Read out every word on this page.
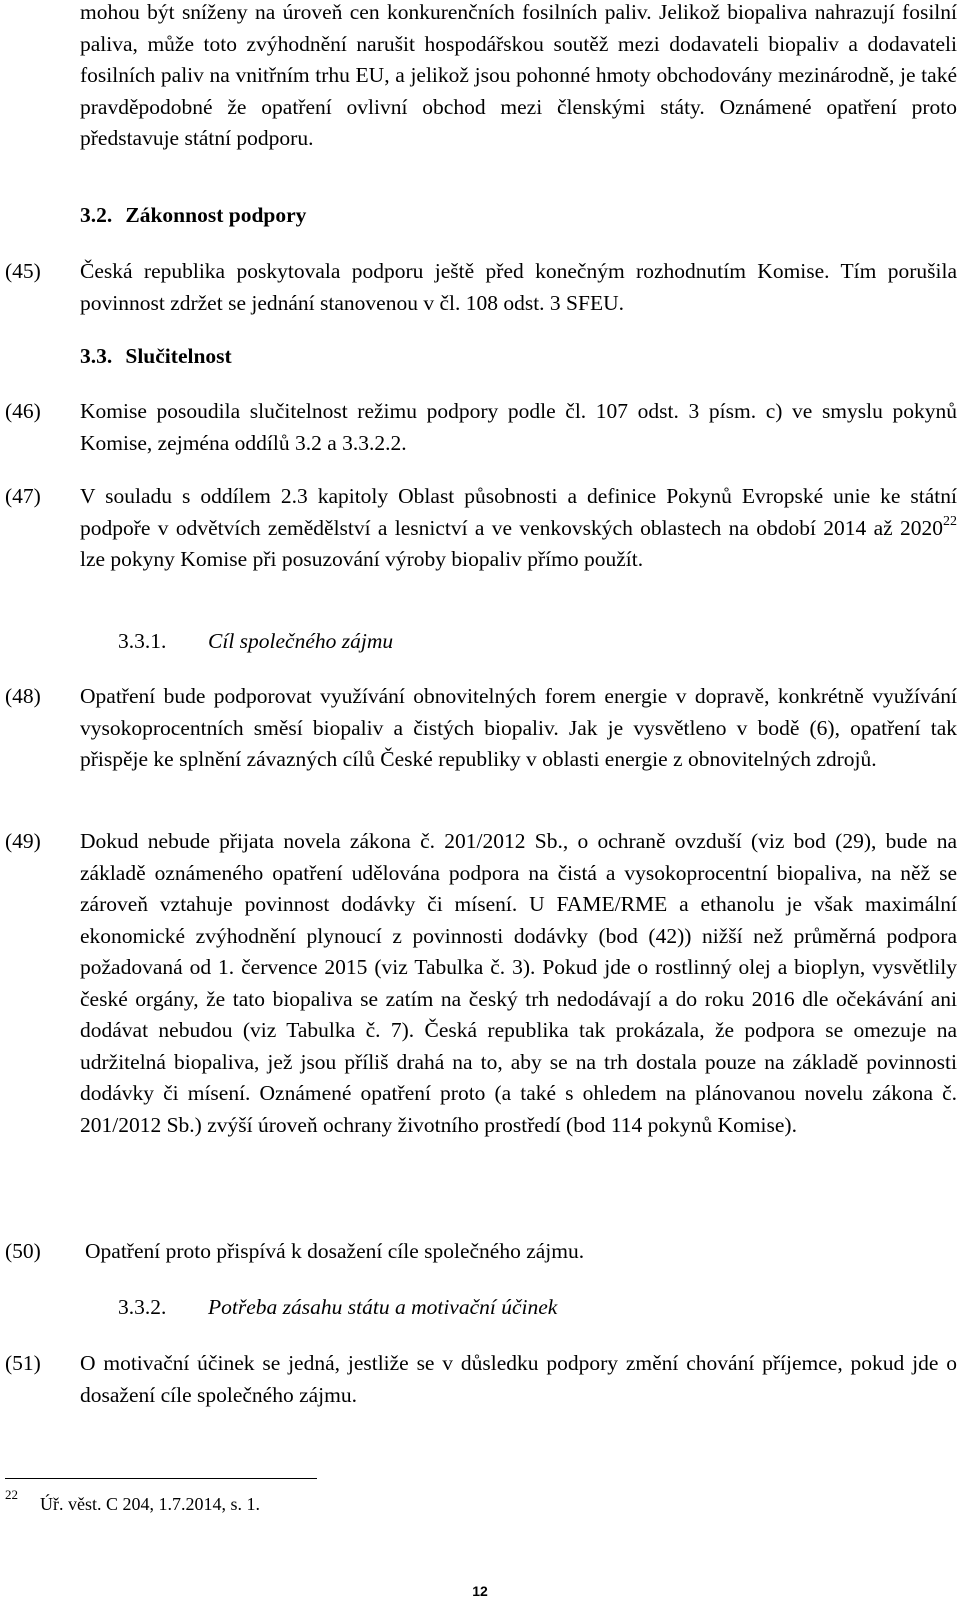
mohou být sníženy na úroveň cen konkurenčních fosilních paliv. Jelikož biopaliva nahrazují fosilní paliva, může toto zvýhodnění narušit hospodářskou soutěž mezi dodavateli biopaliv a dodavateli fosilních paliv na vnitřním trhu EU, a jelikož jsou pohonné hmoty obchodovány mezinárodně, je také pravděpodobné že opatření ovlivní obchod mezi členskými státy. Oznámené opatření proto představuje státní podporu.

3.2. Zákonnost podpory
(45) Česká republika poskytovala podporu ještě před konečným rozhodnutím Komise. Tím porušila povinnost zdržet se jednání stanovenou v čl. 108 odst. 3 SFEU.

3.3. Slučitelnost
(46) Komise posoudila slučitelnost režimu podpory podle čl. 107 odst. 3 písm. c) ve smyslu pokynů Komise, zejména oddílů 3.2 a 3.3.2.2.

(47) V souladu s oddílem 2.3 kapitoly Oblast působnosti a definice Pokynů Evropské unie ke státní podpoře v odvětvích zemědělství a lesnictví a ve venkovských oblastech na období 2014 až 2020$^{22}$ lze pokyny Komise při posuzování výroby biopaliv přímo použít.

3.3.1. Cíl společného zájmu
(48) Opatření bude podporovat využívání obnovitelných forem energie v dopravě, konkrétně využívání vysokoprocentních směsí biopaliv a čistých biopaliv. Jak je vysvětleno v bodě (6), opatření tak přispěje ke splnění závazných cílů České republiky v oblasti energie z obnovitelných zdrojů.

(49) Dokud nebude přijata novela zákona č. 201/2012 Sb., o ochraně ovzduší (viz bod (29), bude na základě oznámeného opatření udělována podpora na čistá a vysokoprocentní biopaliva, na něž se zároveň vztahuje povinnost dodávky či mísení. U FAME/RME a ethanolu je však maximální ekonomické zvýhodnění plynoucí z povinnosti dodávky (bod (42)) nižší než průměrná podpora požadovaná od 1. července 2015 (viz Tabulka č. 3). Pokud jde o rostlinný olej a bioplyn, vysvětlily české orgány, že tato biopaliva se zatím na český trh nedodávají a do roku 2016 dle očekávání ani dodávat nebudou (viz Tabulka č. 7). Česká republika tak prokázala, že podpora se omezuje na udržitelná biopaliva, jež jsou příliš drahá na to, aby se na trh dostala pouze na základě povinnosti dodávky či mísení. Oznámené opatření proto (a také s ohledem na plánovanou novelu zákona č. 201/2012 Sb.) zvýší úroveň ochrany životního prostředí (bod 114 pokynů Komise).

(50) Opatření proto přispívá k dosažení cíle společného zájmu.

3.3.2. Potřeba zásahu státu a motivační účinek
(51) O motivační účinek se jedná, jestliže se v důsledku podpory změní chování příjemce, pokud jde o dosažení cíle společného zájmu.

22 Úř. věst. C 204, 1.7.2014, s. 1.
12
